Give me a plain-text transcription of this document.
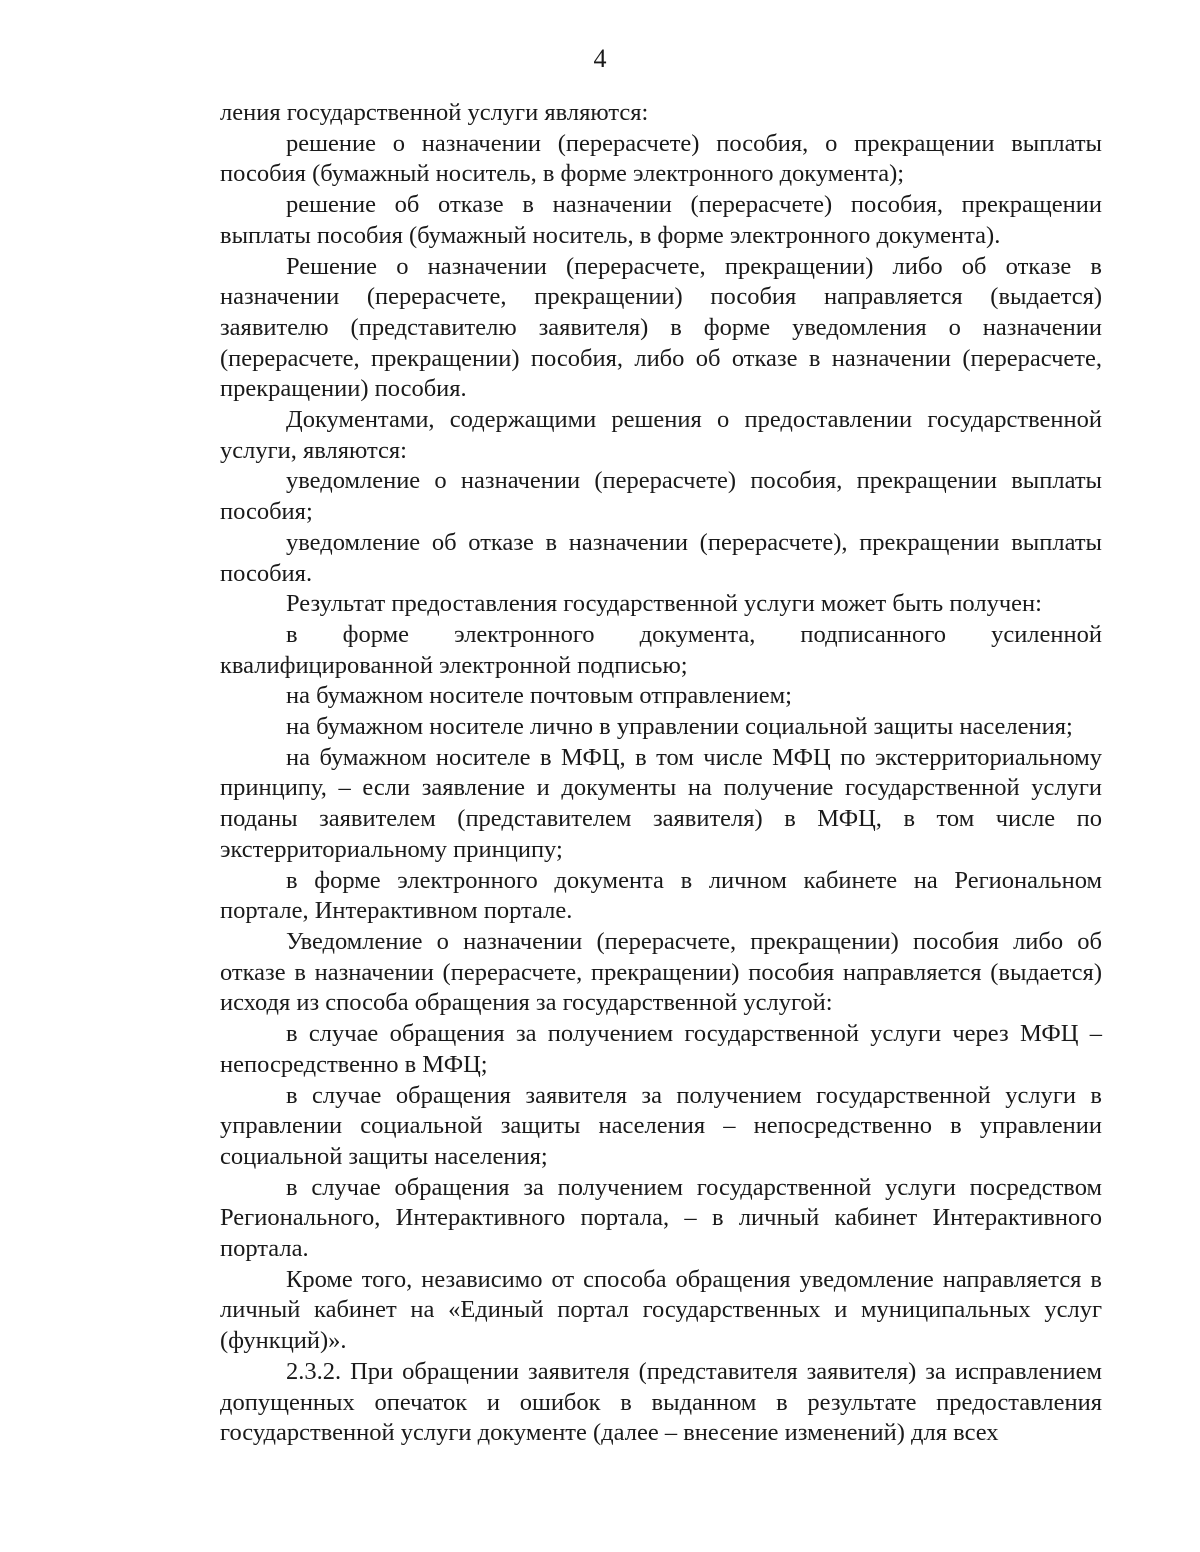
4

ления государственной услуги являются:

решение о назначении (перерасчете) пособия, о прекращении выплаты пособия (бумажный носитель, в форме электронного документа);

решение об отказе в назначении (перерасчете) пособия, прекращении выплаты пособия (бумажный носитель, в форме электронного документа).

Решение о назначении (перерасчете, прекращении) либо об отказе в назначении (перерасчете, прекращении) пособия направляется (выдается) заявителю (представителю заявителя) в форме уведомления о назначении (перерасчете, прекращении) пособия, либо об отказе в назначении (перерасчете, прекращении) пособия.

Документами, содержащими решения о предоставлении государственной услуги, являются:

уведомление о назначении (перерасчете) пособия, прекращении выплаты пособия;

уведомление об отказе в назначении (перерасчете), прекращении выплаты пособия.

Результат предоставления государственной услуги может быть получен:

в форме электронного документа, подписанного усиленной квалифицированной электронной подписью;

на бумажном носителе почтовым отправлением;

на бумажном носителе лично в управлении социальной защиты населения;

на бумажном носителе в МФЦ, в том числе МФЦ по экстерриториальному принципу, – если заявление и документы на получение государственной услуги поданы заявителем (представителем заявителя) в МФЦ, в том числе по экстерриториальному принципу;

в форме электронного документа в личном кабинете на Региональном портале, Интерактивном портале.

Уведомление о назначении (перерасчете, прекращении) пособия либо об отказе в назначении (перерасчете, прекращении) пособия направляется (выдается) исходя из способа обращения за государственной услугой:

в случае обращения за получением государственной услуги через МФЦ – непосредственно в МФЦ;

в случае обращения заявителя за получением государственной услуги в управлении социальной защиты населения – непосредственно в управлении социальной защиты населения;

в случае обращения за получением государственной услуги посредством Регионального, Интерактивного портала, – в личный кабинет Интерактивного портала.

Кроме того, независимо от способа обращения уведомление направляется в личный кабинет на «Единый портал государственных и муниципальных услуг (функций)».

2.3.2. При обращении заявителя (представителя заявителя) за исправлением допущенных опечаток и ошибок в выданном в результате предоставления государственной услуги документе (далее – внесение изменений) для всех
